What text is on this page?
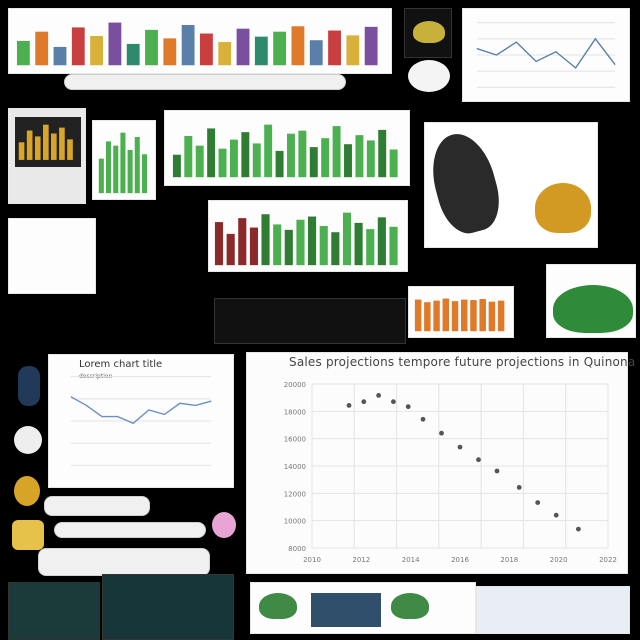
Lorem chart title
description
Sales projections tempore future projections in Quinona
20000
18000
16000
14000
12000
10000
8000
2010	2012	2014	2016	2018	2020	2022
